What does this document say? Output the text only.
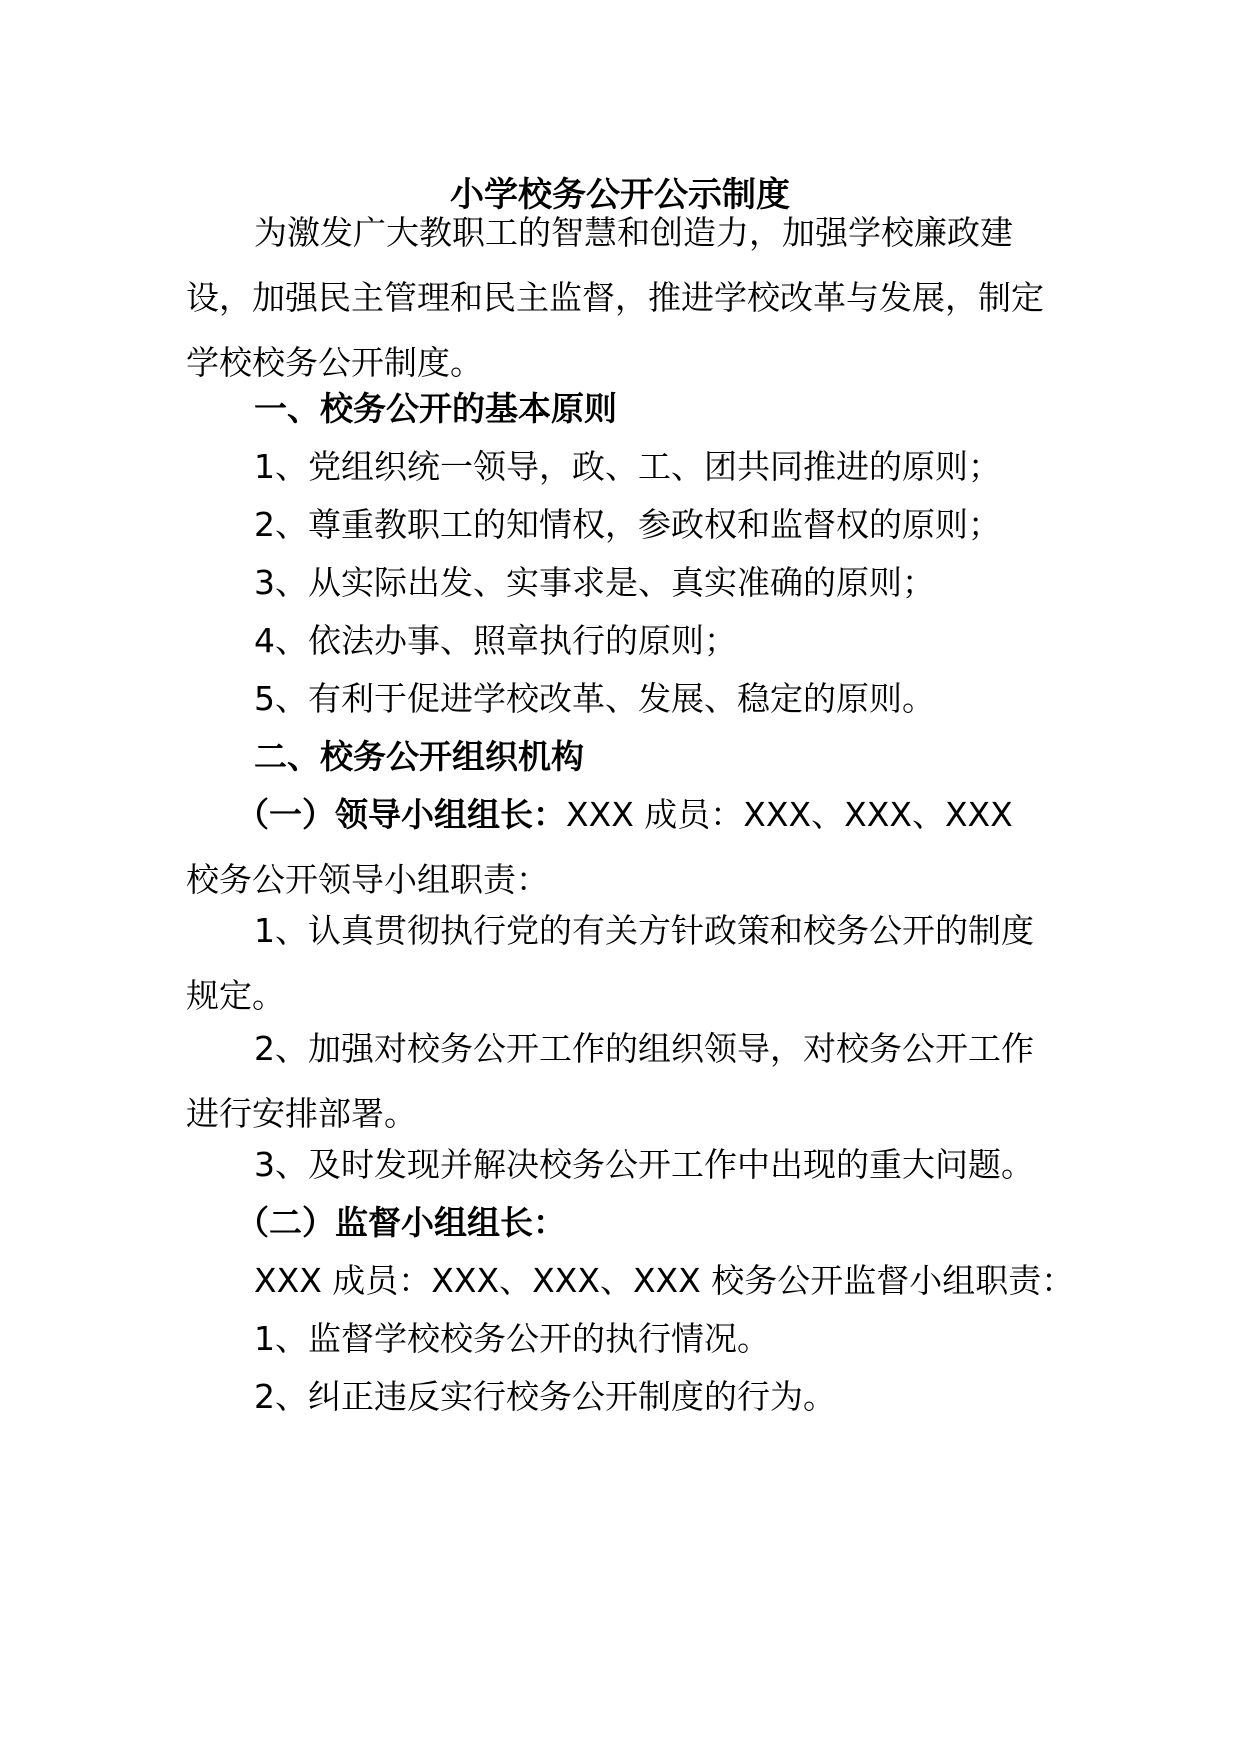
小学校务公开公示制度

为激发广大教职工的智慧和创造力，加强学校廉政建设，加强民主管理和民主监督，推进学校改革与发展，制定学校校务公开制度。

一、校务公开的基本原则

1、党组织统一领导，政、工、团共同推进的原则；

2、尊重教职工的知情权，参政权和监督权的原则；

3、从实际出发、实事求是、真实准确的原则；

4、依法办事、照章执行的原则；

5、有利于促进学校改革、发展、稳定的原则。

二、校务公开组织机构

（一）领导小组组长：XXX 成员：XXX、XXX、XXX 校务公开领导小组职责：

1、认真贯彻执行党的有关方针政策和校务公开的制度规定。

2、加强对校务公开工作的组织领导，对校务公开工作进行安排部署。

3、及时发现并解决校务公开工作中出现的重大问题。

（二）监督小组组长：

XXX 成员：XXX、XXX、XXX 校务公开监督小组职责：

1、监督学校校务公开的执行情况。

2、纠正违反实行校务公开制度的行为。
